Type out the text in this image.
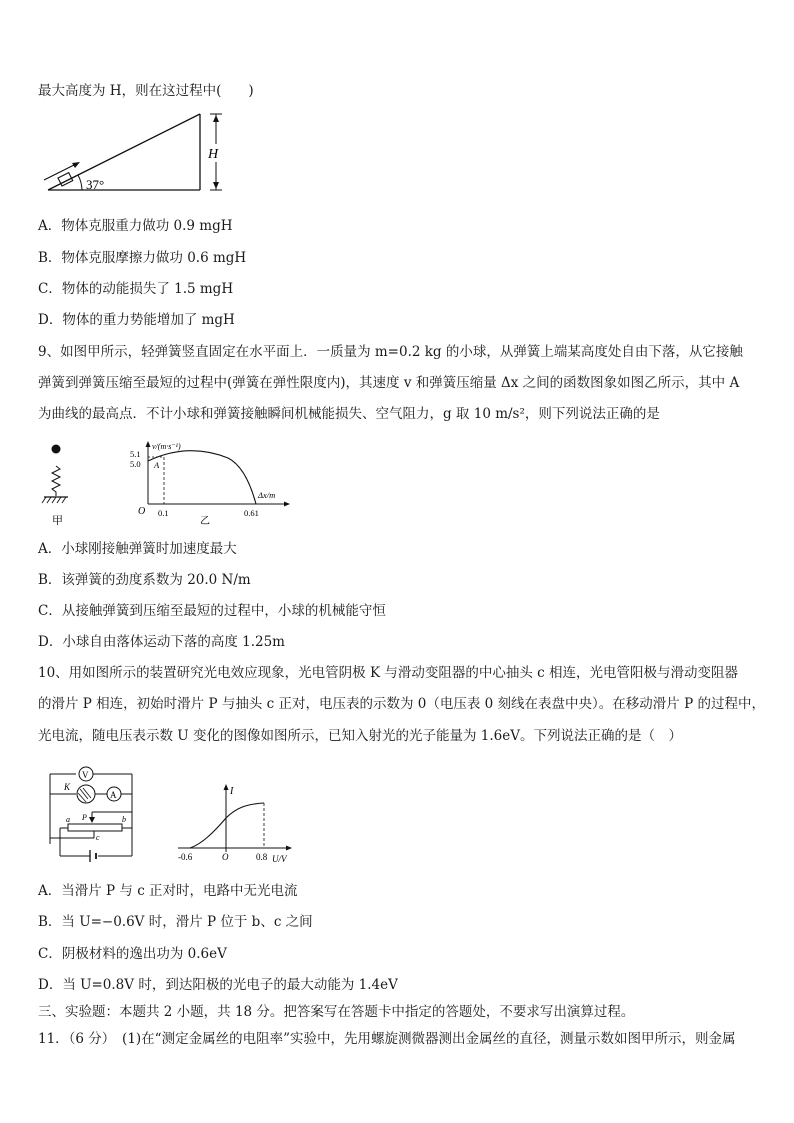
最大高度为 H，则在这过程中(　　)
37°
H
A．物体克服重力做功 0.9 mgH
B．物体克服摩擦力做功 0.6 mgH
C．物体的动能损失了 1.5 mgH
D．物体的重力势能增加了 mgH
9、如图甲所示，轻弹簧竖直固定在水平面上．一质量为 m=0.2 kg 的小球，从弹簧上端某高度处自由下落，从它接触
弹簧到弹簧压缩至最短的过程中(弹簧在弹性限度内)，其速度 v 和弹簧压缩量 Δx 之间的函数图象如图乙所示，其中 A
为曲线的最高点．不计小球和弹簧接触瞬间机械能损失、空气阻力，g 取 10 m/s²，则下列说法正确的是
甲
v/(m·s⁻¹)
5.1
5.0 A
Δx/m
O 0.1	0.61
乙
A．小球刚接触弹簧时加速度最大
B．该弹簧的劲度系数为 20.0 N/m
C．从接触弹簧到压缩至最短的过程中，小球的机械能守恒
D．小球自由落体运动下落的高度 1.25m
10、用如图所示的装置研究光电效应现象，光电管阴极 K 与滑动变阻器的中心抽头 c 相连，光电管阳极与滑动变阻器
的滑片 P 相连，初始时滑片 P 与抽头 c 正对，电压表的示数为 0（电压表 0 刻线在表盘中央）。在移动滑片 P 的过程中，
光电流，随电压表示数 U 变化的图像如图所示，已知入射光的光子能量为 1.6eV。下列说法正确的是（　）
V
K
A
a	b
P
c
I
-0.6	O	0.8 U/V
A．当滑片 P 与 c 正对时，电路中无光电流
B．当 U=−0.6V 时，滑片 P 位于 b、c 之间
C．阴极材料的逸出功为 0.6eV
D．当 U=0.8V 时，到达阳极的光电子的最大动能为 1.4eV
三、实验题：本题共 2 小题，共 18 分。把答案写在答题卡中指定的答题处，不要求写出演算过程。
11．（6 分）　(1)在“测定金属丝的电阻率”实验中，先用螺旋测微器测出金属丝的直径，测量示数如图甲所示，则金属
